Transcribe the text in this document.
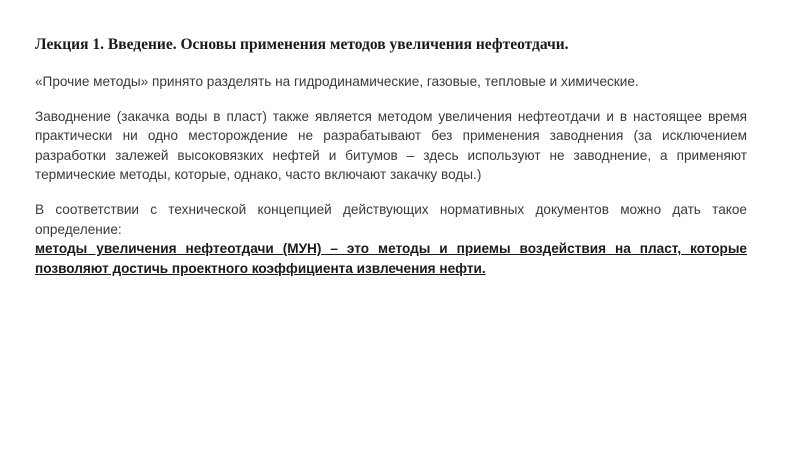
Лекция 1. Введение. Основы применения методов увеличения нефтеотдачи.

«Прочие методы» принято разделять на гидродинамические, газовые, тепловые и химические.

Заводнение (закачка воды в пласт) также является методом увеличения нефтеотдачи и в настоящее время практически ни одно месторождение не разрабатывают без применения заводнения (за исключением разработки залежей высоковязких нефтей и битумов – здесь используют не заводнение, а применяют термические методы, которые, однако, часто включают закачку воды.)

В соответствии с технической концепцией действующих нормативных документов можно дать такое определение:

методы увеличения нефтеотдачи (МУН) – это методы и приемы воздействия на пласт, которые позволяют достичь проектного коэффициента извлечения нефти.
